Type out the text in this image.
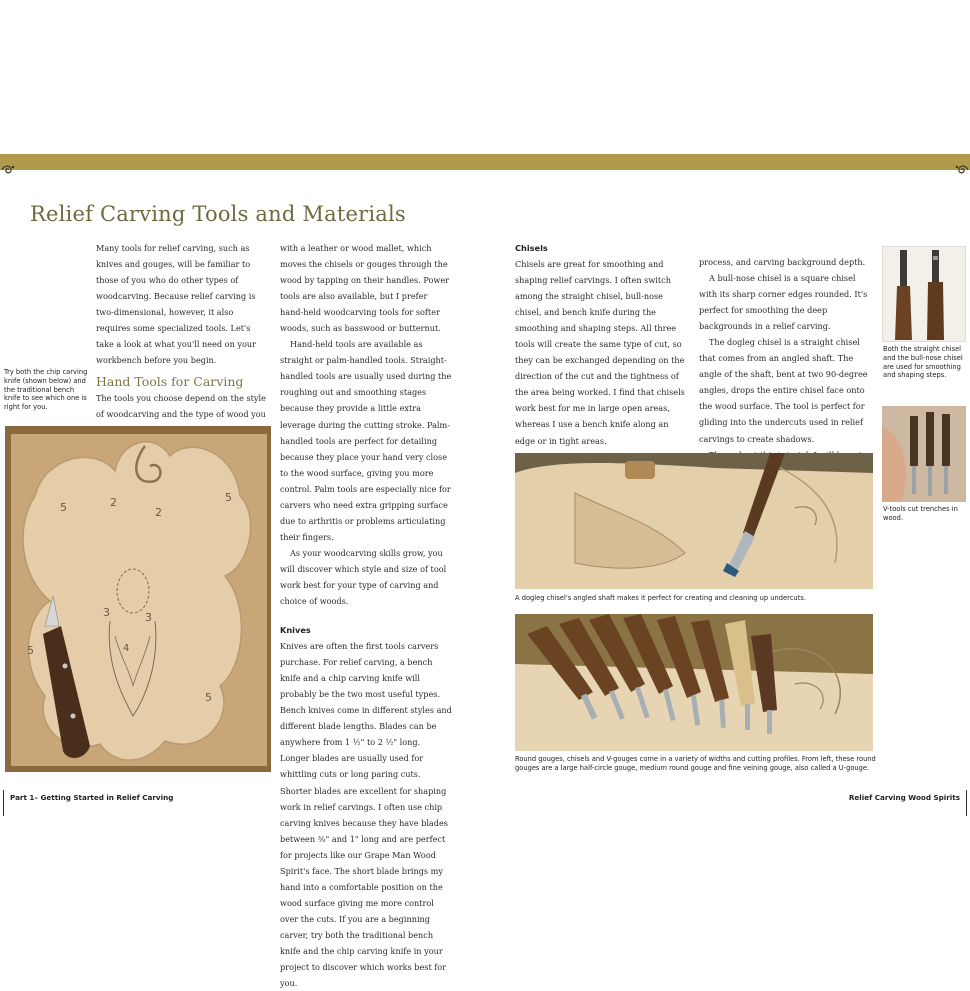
Relief Carving Tools and Materials
Try both the chip carving knife (shown below) and the traditional bench knife to see which one is right for you.

Many tools for relief carving, such as knives and gouges, will be familiar to those of you who do other types of woodcarving. Because relief carving is two-dimensional, however, it also requires some specialized tools. Let's take a look at what you'll need on your workbench before you begin.

Hand Tools for Carving

The tools you choose depend on the style of woodcarving and the type of wood you

with a leather or wood mallet, which moves the chisels or gouges through the wood by tapping on their handles. Power tools are also available, but I prefer hand-held woodcarving tools for softer woods, such as basswood or butternut.

Hand-held tools are available as straight or palm-handled tools. Straight-handled tools are usually used during the roughing out and smoothing stages because they provide a little extra leverage during the cutting stroke. Palm-handled tools are perfect for detailing because they place your hand very close to the wood surface, giving you more control. Palm tools are especially nice for carvers who need extra gripping surface due to arthritis or problems articulating their fingers.

As your woodcarving skills grow, you will discover which style and size of tool work best for your type of carving and choice of woods.

Knives

Knives are often the first tools carvers purchase. For relief carving, a bench knife and a chip carving knife will probably be the two most useful types. Bench knives come in different styles and different blade lengths. Blades can be anywhere from 1 ½" to 2 ½" long. Longer blades are usually used for whittling cuts or long paring cuts. Shorter blades are excellent for shaping work in relief carvings. I often use chip carving knives because they have blades between ⅜" and 1" long and are perfect for projects like our Grape Man Wood Spirit's face. The short blade brings my hand into a comfortable position on the wood surface giving me more control over the cuts. If you are a beginning carver, try both the traditional bench knife and the chip carving knife in your project to discover which works best for you.

Chisels

Chisels are great for smoothing and shaping relief carvings. I often switch among the straight chisel, bull-nose chisel, and bench knife during the smoothing and shaping steps. All three tools will create the same type of cut, so they can be exchanged depending on the direction of the cut and the tightness of the area being worked. I find that chisels work best for me in large open areas, whereas I use a bench knife along an edge or in tight areas.

process, and carving background depth.

A bull-nose chisel is a square chisel with its sharp corner edges rounded. It's perfect for smoothing the deep backgrounds in a relief carving.

The dogleg chisel is a straight chisel that comes from an angled shaft. The angle of the shaft, bent at two 90-degree angles, drops the entire chisel face onto the wood surface. The tool is perfect for gliding into the undercuts used in relief carvings to create shadows.

2
2
5
5
3	3
4
5
5
A dogleg chisel's angled shaft makes it perfect for creating and cleaning up undercuts.
Round gouges, chisels and V-gouges come in a variety of widths and cutting profiles. From left, these round gouges are a large half-circle gouge, medium round gouge and fine veining gouge, also called a U-gouge.
Both the straight chisel and the bull-nose chisel are used for smoothing and shaping steps.
V-tools cut trenches in wood.
Part 1– Getting Started in Relief Carving	Relief Carving Wood Spirits
